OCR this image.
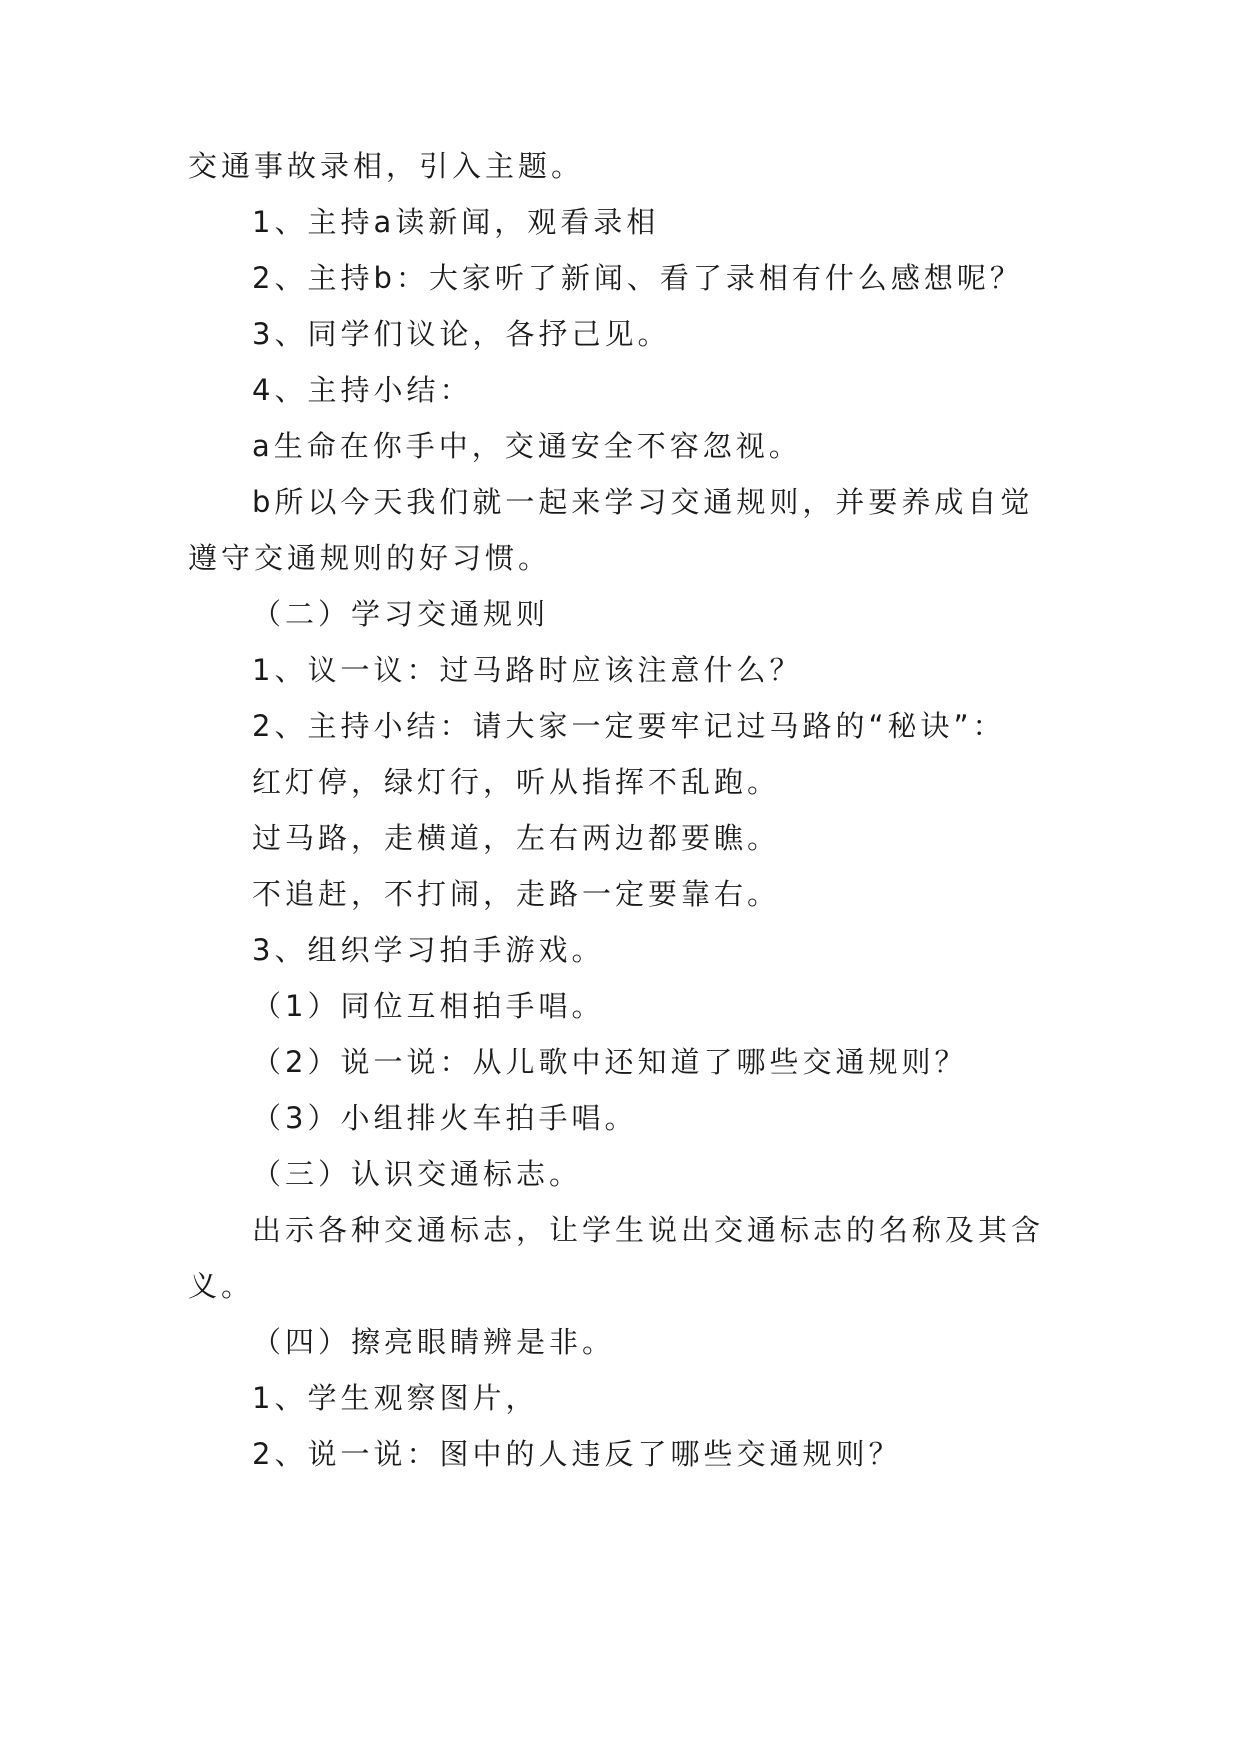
交通事故录相，引入主题。
1、主持a读新闻，观看录相
2、主持b：大家听了新闻、看了录相有什么感想呢？
3、同学们议论，各抒己见。
4、主持小结：
a生命在你手中，交通安全不容忽视。
b所以今天我们就一起来学习交通规则，并要养成自觉
遵守交通规则的好习惯。
（二）学习交通规则
1、议一议：过马路时应该注意什么？
2、主持小结：请大家一定要牢记过马路的“秘诀”：
红灯停，绿灯行，听从指挥不乱跑。
过马路，走横道，左右两边都要瞧。
不追赶，不打闹，走路一定要靠右。
3、组织学习拍手游戏。
（1）同位互相拍手唱。
（2）说一说：从儿歌中还知道了哪些交通规则？
（3）小组排火车拍手唱。
（三）认识交通标志。
出示各种交通标志，让学生说出交通标志的名称及其含
义。
（四）擦亮眼睛辨是非。
1、学生观察图片，
2、说一说：图中的人违反了哪些交通规则？
